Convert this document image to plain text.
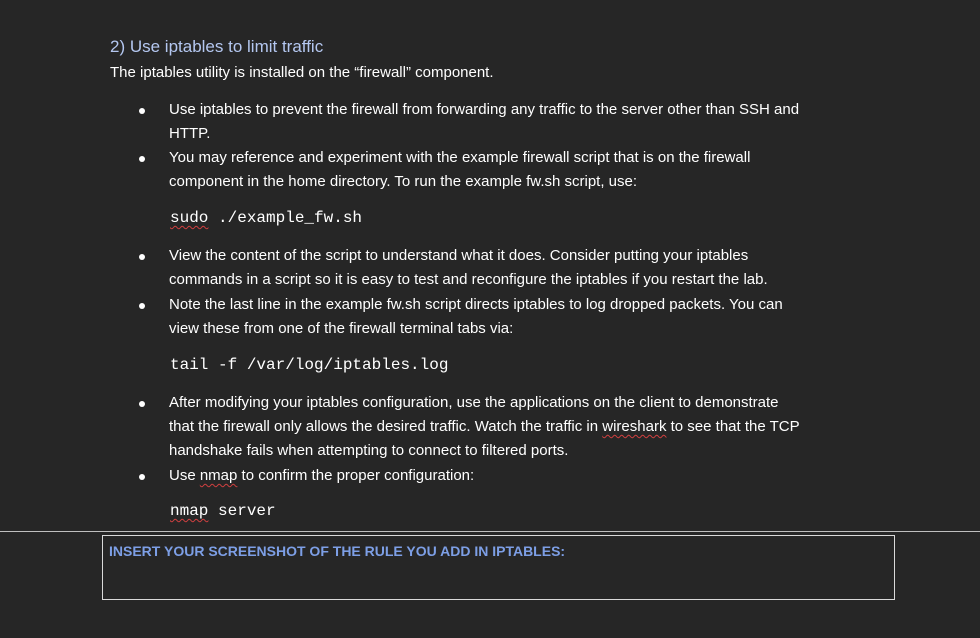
2) Use iptables to limit traffic
The iptables utility is installed on the “firewall” component.
Use iptables to prevent the firewall from forwarding any traffic to the server other than SSH and
HTTP.
You may reference and experiment with the example firewall script that is on the firewall
component in the home directory. To run the example fw.sh script, use:
sudo ./example_fw.sh
View the content of the script to understand what it does. Consider putting your iptables
commands in a script so it is easy to test and reconfigure the iptables if you restart the lab.
Note the last line in the example fw.sh script directs iptables to log dropped packets. You can
view these from one of the firewall terminal tabs via:
tail -f /var/log/iptables.log
After modifying your iptables configuration, use the applications on the client to demonstrate
that the firewall only allows the desired traffic. Watch the traffic in wireshark to see that the TCP
handshake fails when attempting to connect to filtered ports.
Use nmap to confirm the proper configuration:
nmap server
INSERT YOUR SCREENSHOT OF THE RULE YOU ADD IN IPTABLES:
